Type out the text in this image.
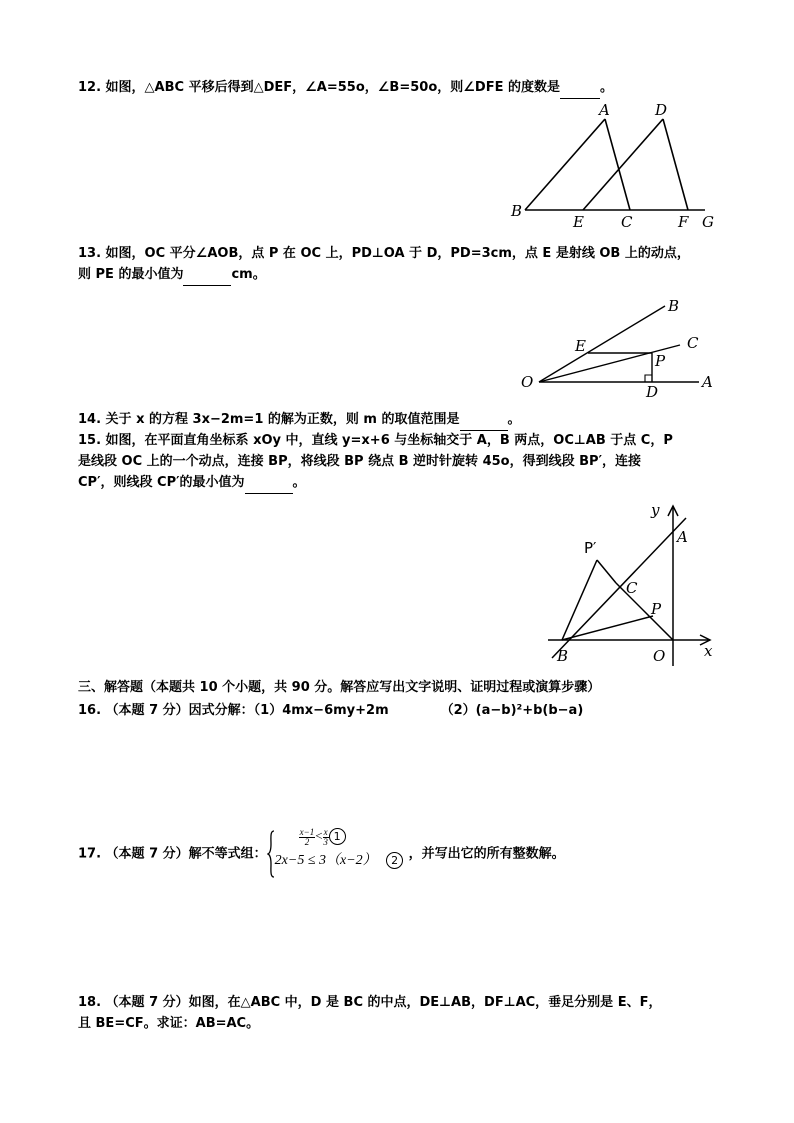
12. 如图，△ABC 平移后得到△DEF，∠A=55o，∠B=50o，则∠DFE 的度数是	。
A	D
B
E C	F G
13. 如图，OC 平分∠AOB，点 P 在 OC 上，PD⊥OA 于 D，PD=3cm，点 E 是射线 OB 上的动点，
则 PE 的最小值为	cm。
B
C
E
P
O
D
A
14. 关于 x 的方程 3x−2m=1 的解为正数，则 m 的取值范围是	。
15. 如图，在平面直角坐标系 xOy 中，直线 y=x+6 与坐标轴交于 A，B 两点，OC⊥AB 于点 C，P
是线段 OC 上的一个动点，连接 BP，将线段 BP 绕点 B 逆时针旋转 45o，得到线段 BP′，连接
CP′，则线段 CP′的最小值为	。
y
x
A
P′
C
P
B	O
三、解答题（本题共 10 个小题，共 90 分。解答应写出文字说明、证明过程或演算步骤）
16. （本题 7 分）因式分解：（1）4mx−6my+2m	（2）(a−b)²+b(b−a)
17. （本题 7 分）解不等式组：
$\frac{x-1}{2} < \frac{x}{3} 1$
2x−5 ≤ 3（x−2） 2 ，并写出它的所有整数解。
18. （本题 7 分）如图，在△ABC 中，D 是 BC 的中点，DE⊥AB，DF⊥AC，垂足分别是 E、F，
且 BE=CF。求证：AB=AC。
